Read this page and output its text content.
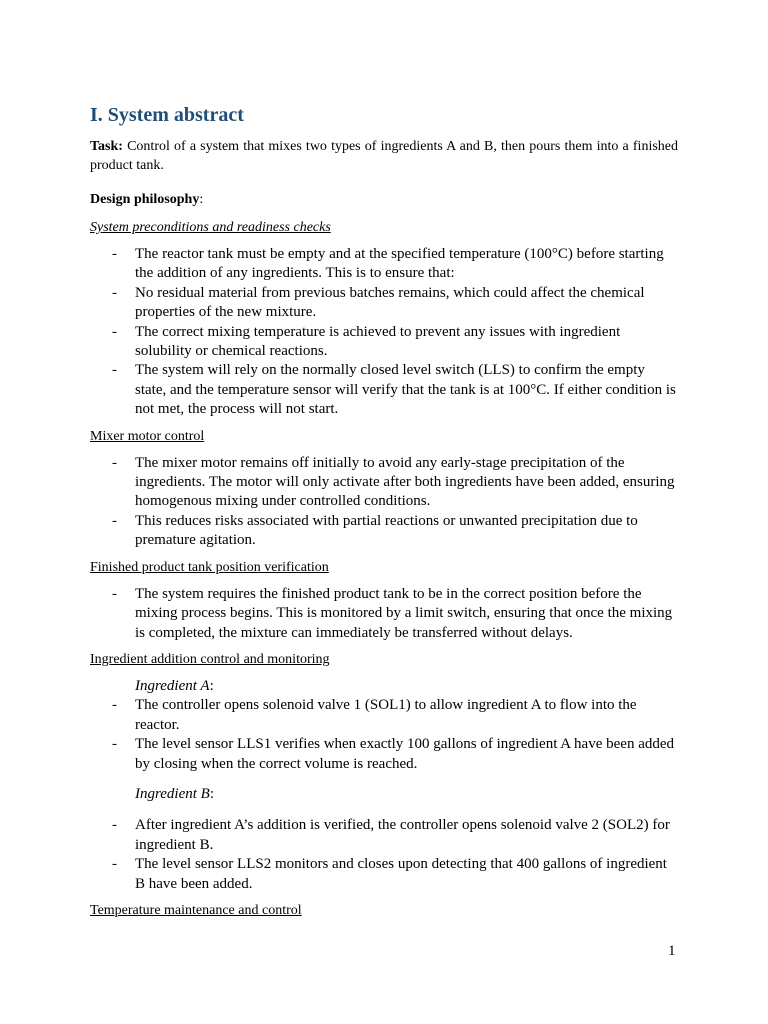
I. System abstract

Task: Control of a system that mixes two types of ingredients A and B, then pours them into a finished product tank.

Design philosophy:

System preconditions and readiness checks

- The reactor tank must be empty and at the specified temperature (100°C) before starting the addition of any ingredients. This is to ensure that:
- No residual material from previous batches remains, which could affect the chemical properties of the new mixture.
- The correct mixing temperature is achieved to prevent any issues with ingredient solubility or chemical reactions.
- The system will rely on the normally closed level switch (LLS) to confirm the empty state, and the temperature sensor will verify that the tank is at 100°C. If either condition is not met, the process will not start.

Mixer motor control

- The mixer motor remains off initially to avoid any early-stage precipitation of the ingredients. The motor will only activate after both ingredients have been added, ensuring homogenous mixing under controlled conditions.
- This reduces risks associated with partial reactions or unwanted precipitation due to premature agitation.

Finished product tank position verification

- The system requires the finished product tank to be in the correct position before the mixing process begins. This is monitored by a limit switch, ensuring that once the mixing is completed, the mixture can immediately be transferred without delays.

Ingredient addition control and monitoring

Ingredient A:

- The controller opens solenoid valve 1 (SOL1) to allow ingredient A to flow into the reactor.
- The level sensor LLS1 verifies when exactly 100 gallons of ingredient A have been added by closing when the correct volume is reached.

Ingredient B:

- After ingredient A’s addition is verified, the controller opens solenoid valve 2 (SOL2) for ingredient B.
- The level sensor LLS2 monitors and closes upon detecting that 400 gallons of ingredient B have been added.

Temperature maintenance and control

1
